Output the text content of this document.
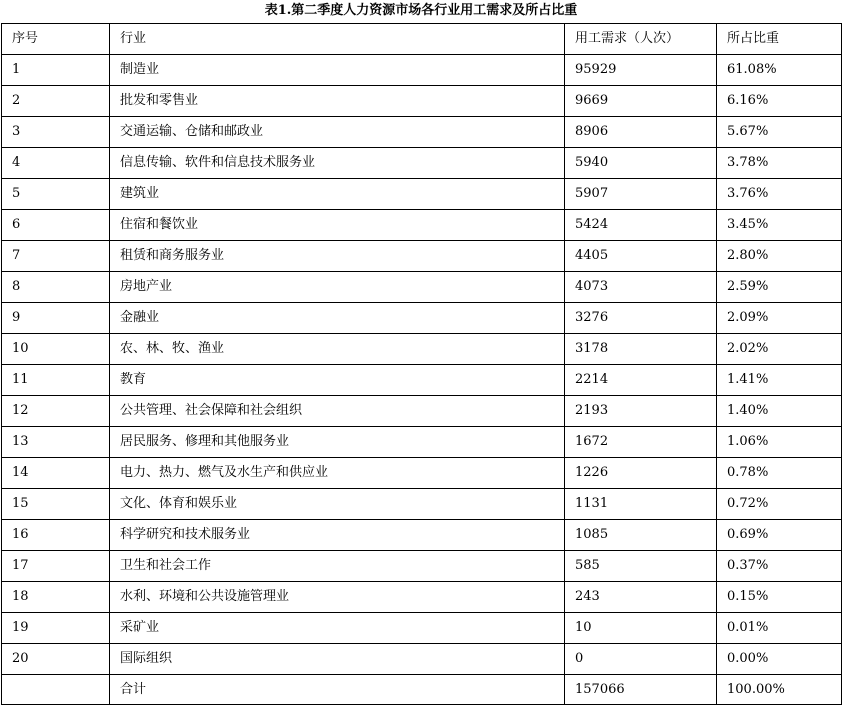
表1.第二季度人力资源市场各行业用工需求及所占比重
序号	行业	用工需求（人次）	所占比重
1	制造业	95929	61.08%
2	批发和零售业	9669	6.16%
3	交通运输、仓储和邮政业	8906	5.67%
4	信息传输、软件和信息技术服务业	5940	3.78%
5	建筑业	5907	3.76%
6	住宿和餐饮业	5424	3.45%
7	租赁和商务服务业	4405	2.80%
8	房地产业	4073	2.59%
9	金融业	3276	2.09%
10	农、林、牧、渔业	3178	2.02%
11	教育	2214	1.41%
12	公共管理、社会保障和社会组织	2193	1.40%
13	居民服务、修理和其他服务业	1672	1.06%
14	电力、热力、燃气及水生产和供应业	1226	0.78%
15	文化、体育和娱乐业	1131	0.72%
16	科学研究和技术服务业	1085	0.69%
17	卫生和社会工作	585	0.37%
18	水利、环境和公共设施管理业	243	0.15%
19	采矿业	10	0.01%
20	国际组织	0	0.00%
	合计	157066	100.00%
